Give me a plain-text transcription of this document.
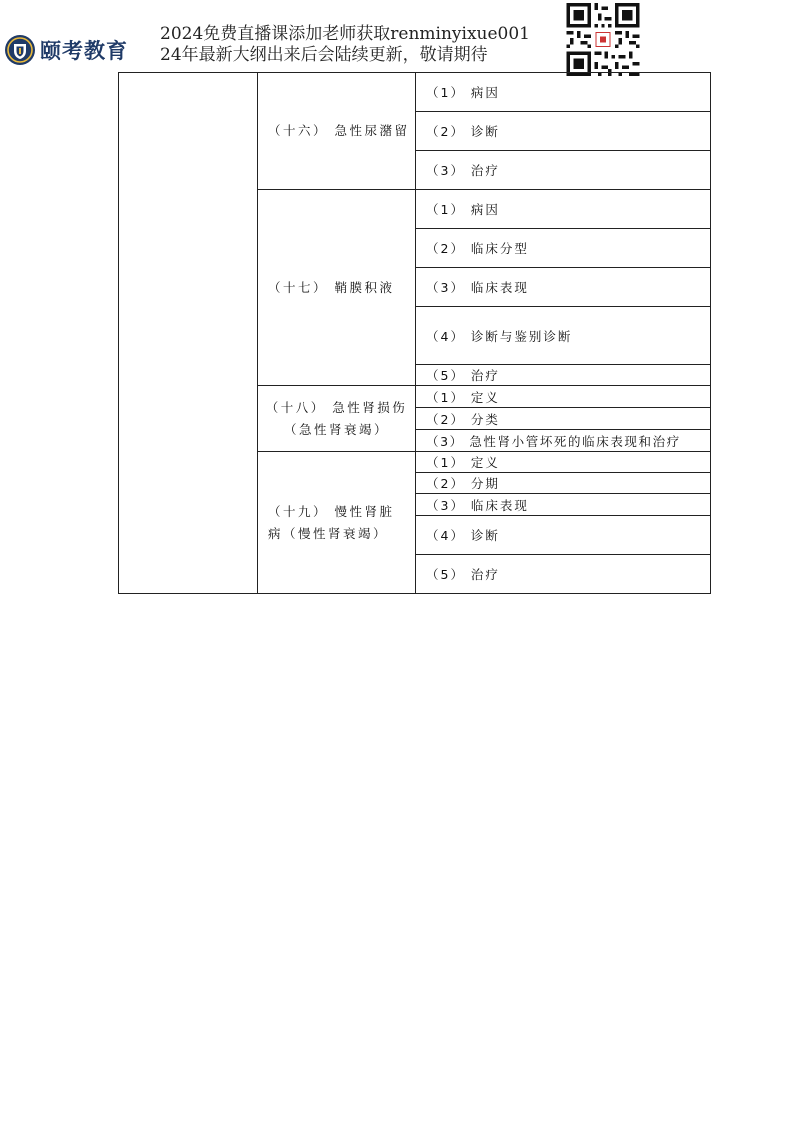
颐考教育
2024免费直播课添加老师获取renminyixue001
24年最新大纲出来后会陆续更新，敬请期待

	（十六） 急性尿潴留	（1） 病因
		（2） 诊断
		（3） 治疗

	（十七） 鞘膜积液	（1） 病因
		（2） 临床分型
		（3） 临床表现
		（4） 诊断与鉴别诊断
		（5） 治疗

	（十八） 急性肾损伤
（急性肾衰竭）	（1） 定义
		（2） 分类
		（3） 急性肾小管坏死的临床表现和治疗

	（十九） 慢性肾脏
病（慢性肾衰竭）	（1） 定义
		（2） 分期
		（3） 临床表现
		（4） 诊断
		（5） 治疗
